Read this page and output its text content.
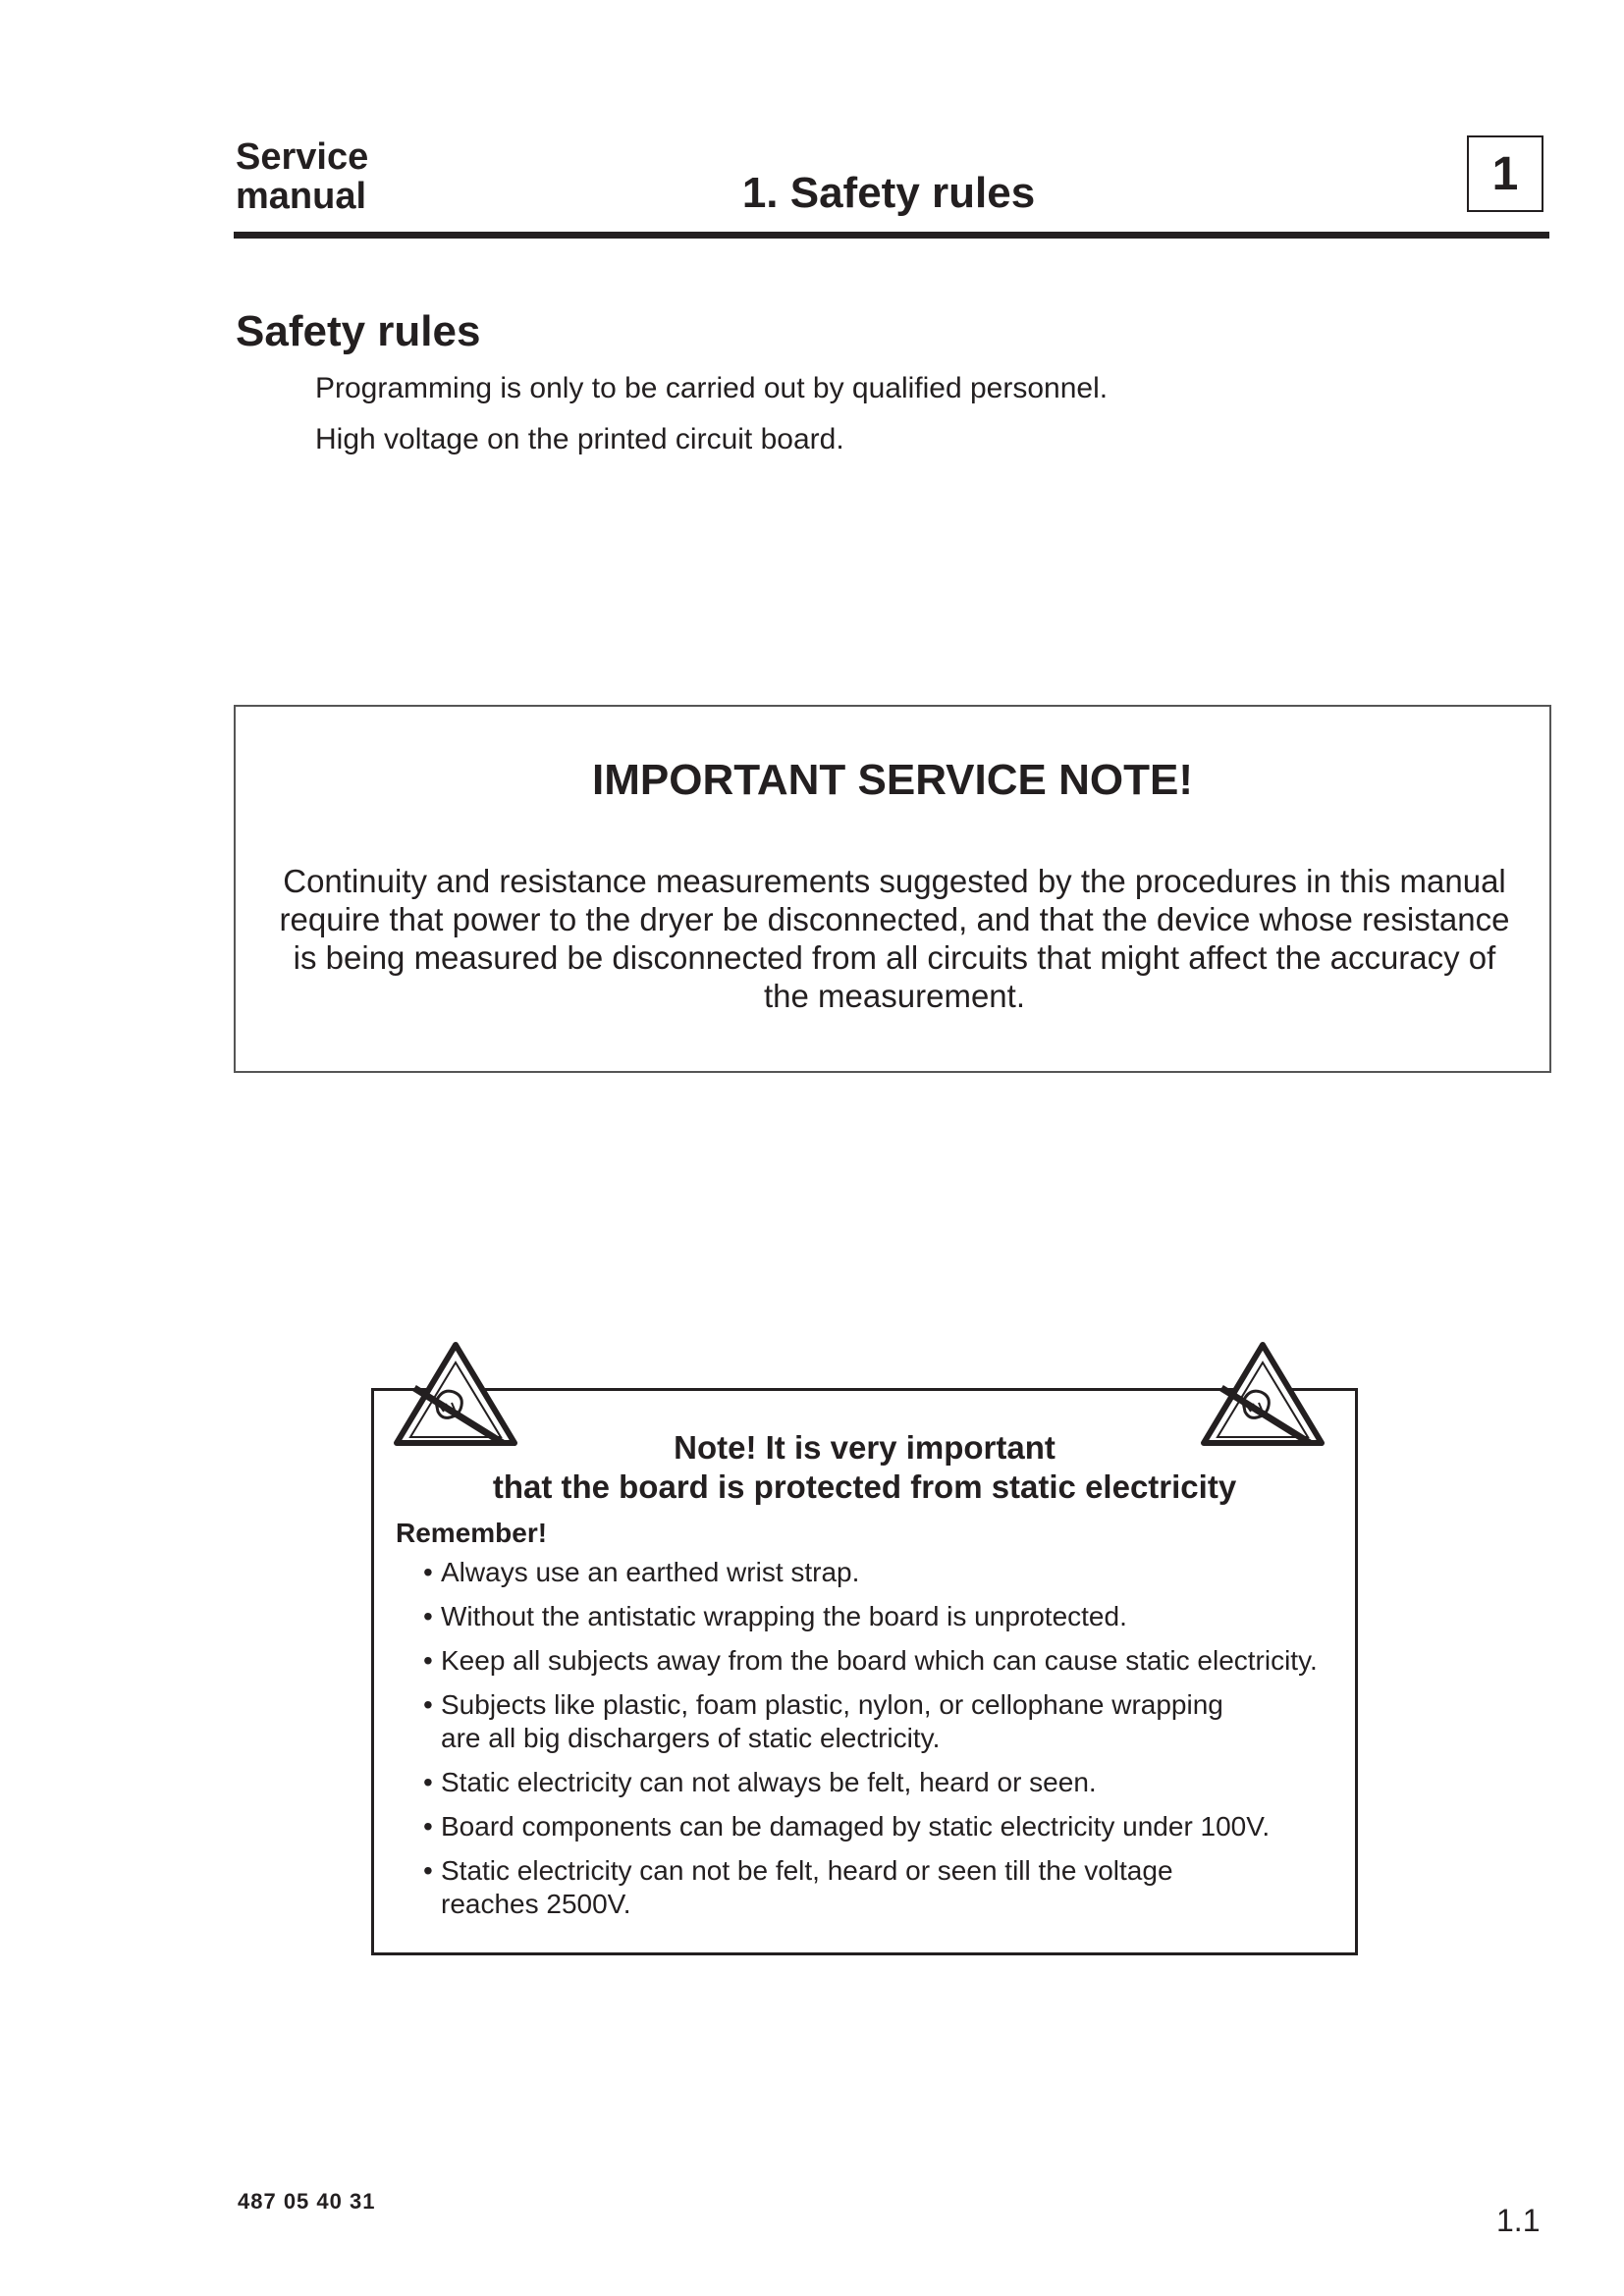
Service
manual	1. Safety rules	1
Safety rules
Programming is only to be carried out by qualified personnel.
High voltage on the printed circuit board.
IMPORTANT SERVICE NOTE!
Continuity and resistance measurements suggested by the procedures in this manual require that power to the dryer be disconnected, and that the device whose resistance is being measured be disconnected from all circuits that might affect the accuracy of the measurement.
Note! It is very important
that the board is protected from static electricity
Remember!
• Always use an earthed wrist strap.
• Without the antistatic wrapping the board is unprotected.
• Keep all subjects away from the board which can cause static electricity.
• Subjects like plastic, foam plastic, nylon, or cellophane wrapping are all big dischargers of static electricity.
• Static electricity can not always be felt, heard or seen.
• Board components can be damaged by static electricity under 100V.
• Static electricity can not be felt, heard or seen till the voltage reaches 2500V.
487 05 40 31
1.1
